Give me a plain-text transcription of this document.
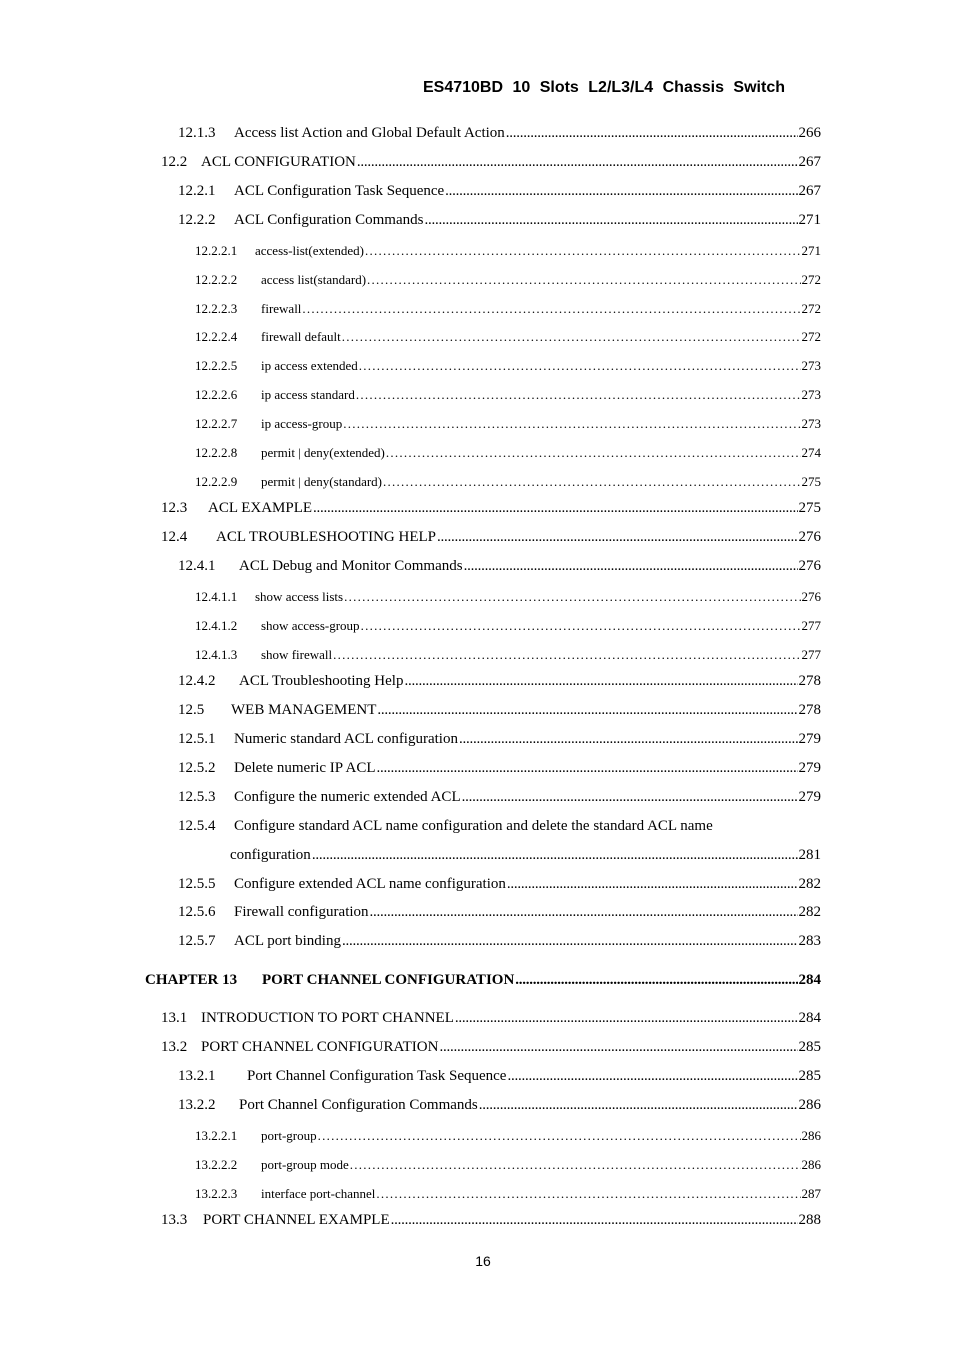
ES4710BD 10 Slots L2/L3/L4 Chassis Switch
12.1.3	Access list Action and Global Default Action . . .	266
12.2 ACL CONFIGURATION . . .	267
12.2.1	ACL Configuration Task Sequence . . .	267
12.2.2	ACL Configuration Commands . . .	271
12.2.2.1	access-list(extended) . . .	271
12.2.2.2	access list(standard) . . .	272
12.2.2.3	firewall . . .	272
12.2.2.4	firewall default . . .	272
12.2.2.5	ip access extended . . .	273
12.2.2.6	ip access standard . . .	273
12.2.2.7	ip access-group . . .	273
12.2.2.8	permit | deny(extended) . . .	274
12.2.2.9	permit | deny(standard) . . .	275
12.3	ACL EXAMPLE . . .	275
12.4	ACL TROUBLESHOOTING HELP . . .	276
12.4.1	ACL Debug and Monitor Commands . . .	276
12.4.1.1	show access lists . . .	276
12.4.1.2	show access-group . . .	277
12.4.1.3	show firewall . . .	277
12.4.2	ACL Troubleshooting Help . . .	278
12.5	WEB MANAGEMENT . . .	278
12.5.1	Numeric standard ACL configuration . . .	279
12.5.2	Delete numeric IP ACL . . .	279
12.5.3	Configure the numeric extended ACL . . .	279
12.5.4	Configure standard ACL name configuration and delete the standard ACL name
configuration . . .	281
12.5.5	Configure extended ACL name configuration . . .	282
12.5.6	Firewall configuration . . .	282
12.5.7	ACL port binding . . .	283
CHAPTER 13	PORT CHANNEL CONFIGURATION . . .	284
13.1 INTRODUCTION TO PORT CHANNEL . . .	284
13.2 PORT CHANNEL CONFIGURATION . . .	285
13.2.1	Port Channel Configuration Task Sequence . . .	285
13.2.2	Port Channel Configuration Commands . . .	286
13.2.2.1	port-group . . .	286
13.2.2.2	port-group mode . . .	286
13.2.2.3	interface port-channel . . .	287
13.3	PORT CHANNEL EXAMPLE . . .	288
16
